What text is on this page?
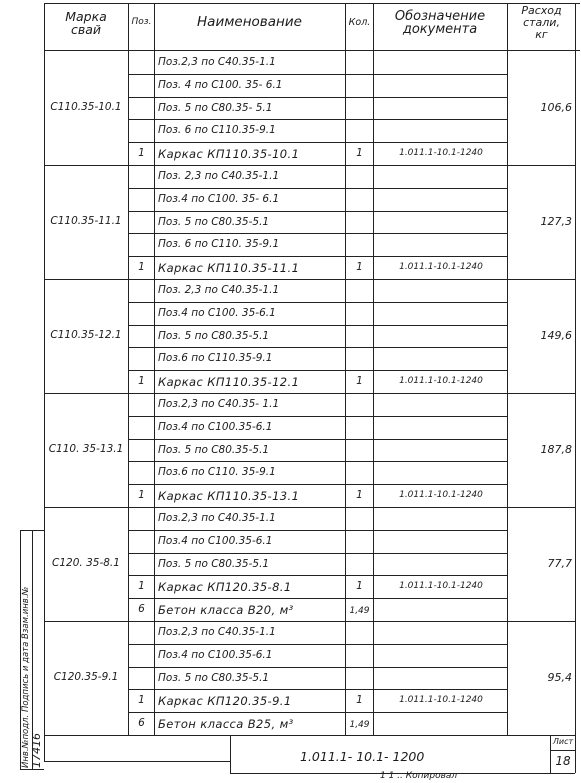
Марка
свай	Поз.	Наименование	Кол.	Обозначение
документа
Расход
стали,
кг
С110.35-10.1	106,6
Поз.2,3 по С40.35-1.1
Поз. 4 по С100. 35- 6.1
Поз. 5 по С80.35- 5.1
Поз. 6 по С110.35-9.1
1	Каркас КП110.35-10.1	1	1.011.1-10.1-1240
С110.35-11.1	127,3
Поз. 2,3 по С40.35-1.1
Поз.4 по С100. 35- 6.1
Поз. 5 по С80.35-5.1
Поз. 6 по С110. 35-9.1
1	Каркас КП110.35-11.1	1	1.011.1-10.1-1240
С110.35-12.1	149,6
Поз. 2,3 по С40.35-1.1
Поз.4 по С100. 35-6.1
Поз. 5 по С80.35-5.1
Поз.6 по С110.35-9.1
1	Каркас КП110.35-12.1	1	1.011.1-10.1-1240
С110. 35-13.1	187,8
Поз.2,3 по С40.35- 1.1
Поз.4 по С100.35-6.1
Поз. 5 по С80.35-5.1
Поз.6 по С110. 35-9.1
1	Каркас КП110.35-13.1	1	1.011.1-10.1-1240
С120. 35-8.1	77,7
Поз.2,3 по С40.35-1.1
Поз.4 по С100.35-6.1
Поз. 5 по С80.35-5.1
1	Каркас КП120.35-8.1	1	1.011.1-10.1-1240
6	Бетон класса В20, м³	1,49
С120.35-9.1	95,4
Поз.2,3 по С40.35-1.1
Поз.4 по С100.35-6.1
Поз. 5 по С80.35-5.1
1	Каркас КП120.35-9.1	1	1.011.1-10.1-1240
6	Бетон класса В25, м³	1,49
1.011.1- 10.1- 1200
Лист
18
1 1 .. Копировал
Инв.№подл. Подпись и дата Взам.инв.№ 17416
